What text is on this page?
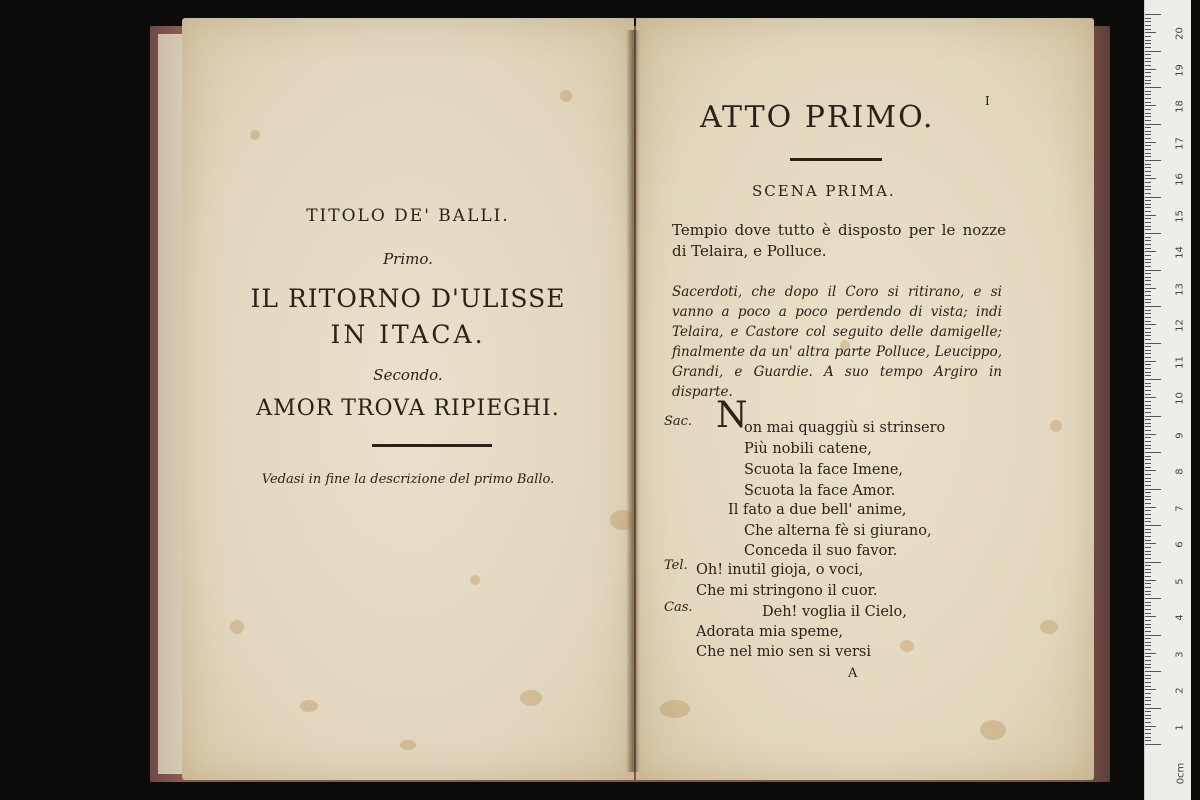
TITOLO DE' BALLI.
Primo.
IL RITORNO D'ULISSE
IN ITACA.
Secondo.
AMOR TROVA RIPIEGHI.
Vedasi in fine la descrizione del primo Ballo.
ATTO PRIMO.	I
SCENA PRIMA.
Tempio dove tutto è disposto per le nozze di Telaira, e Polluce.
Sacerdoti, che dopo il Coro si ritirano, e si vanno a poco a poco perdendo di vista; indi Telaira, e Castore col seguito delle damigelle; finalmente da un' altra parte Polluce, Leucippo, Grandi, e Guardie. A suo tempo Argiro in disparte.
N
Sac.	on mai quaggiù si strinsero
Più nobili catene,
Scuota la face Imene,
Scuota la face Amor.
Il fato a due bell' anime,
Che alterna fè si giurano,
Conceda il suo favor.
Tel. Oh! inutil gioja, o voci,
Che mi stringono il cuor.
Cas.	Deh! voglia il Cielo,
Adorata mia speme,
Che nel mio sen si versi
A
20
19
18
17
16
15
14
13
12
11
10
9
8
7
6
5
4
3
2
1
0cm
